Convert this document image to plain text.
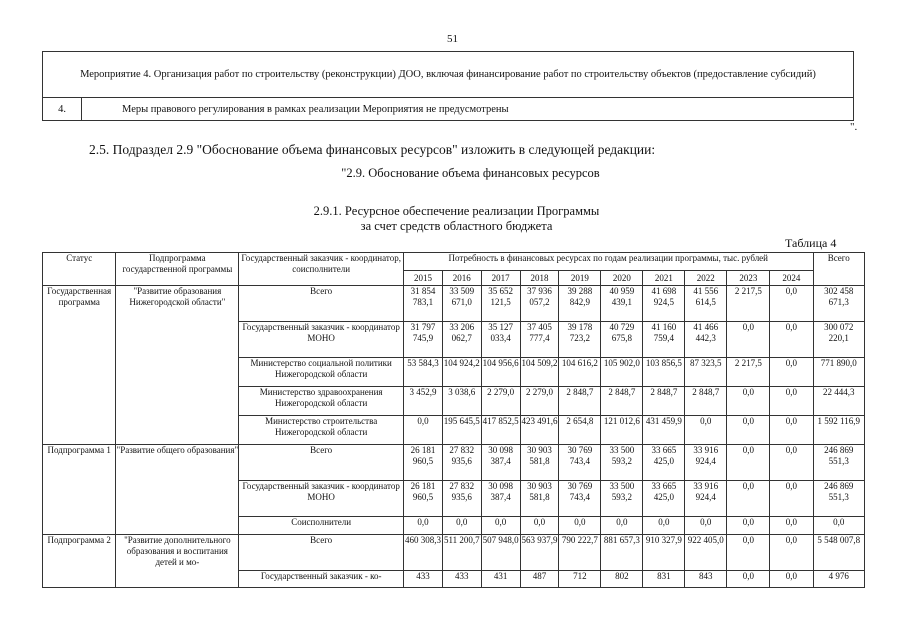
51
Мероприятие 4. Организация работ по строительству (реконструкции) ДОО, включая финансирование работ по строительству объектов (предоставление субсидий)
4.	Меры правового регулирования в рамках реализации Мероприятия не предусмотрены
".
2.5. Подраздел 2.9 "Обоснование объема финансовых ресурсов" изложить в следующей редакции:
"2.9. Обоснование объема финансовых ресурсов
2.9.1. Ресурсное обеспечение реализации Программы
за счет средств областного бюджета
Таблица 4
Статус	Подпрограмма государственной программы	Государственный заказчик - координатор, соисполнители	Потребность в финансовых ресурсах по годам реализации программы, тыс. рублей										Всего
			2015	2016	2017	2018	2019	2020	2021	2022	2023	2024	
Государственная программа	"Развитие образования Нижегородской области"	Всего	31 854 783,1	33 509 671,0	35 652 121,5	37 936 057,2	39 288 842,9	40 959 439,1	41 698 924,5	41 556 614,5	2 217,5	0,0	302 458 671,3
		Государственный заказчик - координатор МОНО	31 797 745,9	33 206 062,7	35 127 033,4	37 405 777,4	39 178 723,2	40 729 675,8	41 160 759,4	41 466 442,3	0,0	0,0	300 072 220,1
		Министерство социальной политики Нижегородской области	53 584,3	104 924,2	104 956,6	104 509,2	104 616,2	105 902,0	103 856,5	87 323,5	2 217,5	0,0	771 890,0
		Министерство здравоохранения Нижегородской области	3 452,9	3 038,6	2 279,0	2 279,0	2 848,7	2 848,7	2 848,7	2 848,7	0,0	0,0	22 444,3
		Министерство строительства Нижегородской области	0,0	195 645,5	417 852,5	423 491,6	2 654,8	121 012,6	431 459,9	0,0	0,0	0,0	1 592 116,9
Подпрограмма 1	"Развитие общего образования"	Всего	26 181 960,5	27 832 935,6	30 098 387,4	30 903 581,8	30 769 743,4	33 500 593,2	33 665 425,0	33 916 924,4	0,0	0,0	246 869 551,3
		Государственный заказчик - координатор МОНО	26 181 960,5	27 832 935,6	30 098 387,4	30 903 581,8	30 769 743,4	33 500 593,2	33 665 425,0	33 916 924,4	0,0	0,0	246 869 551,3
		Соисполнители	0,0	0,0	0,0	0,0	0,0	0,0	0,0	0,0	0,0	0,0	0,0
Подпрограмма 2	"Развитие дополнительного образования и воспитания детей и мо-	Всего	460 308,3	511 200,7	507 948,0	563 937,9	790 222,7	881 657,3	910 327,9	922 405,0	0,0	0,0	5 548 007,8
		Государственный заказчик - ко-	433	433	431	487	712	802	831	843	0,0	0,0	4 976
